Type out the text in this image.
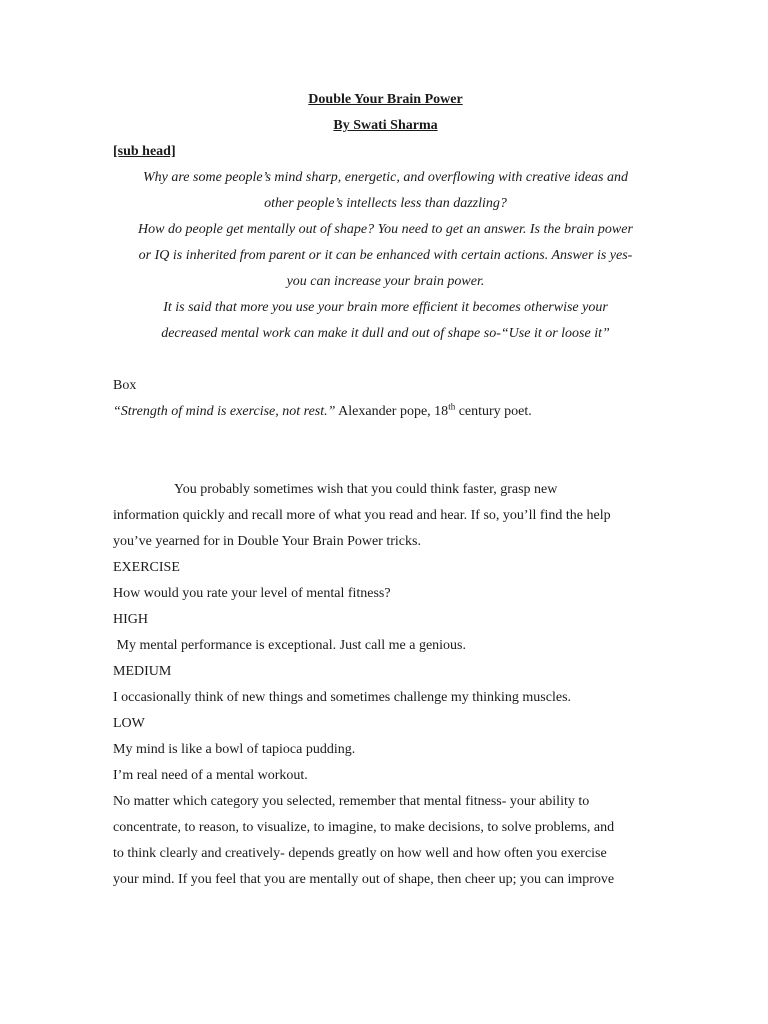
Double Your Brain Power
By Swati Sharma
[sub head]
Why are some people’s mind sharp, energetic, and overflowing with creative ideas and
other people’s intellects less than dazzling?
How do people get mentally out of shape? You need to get an answer. Is the brain power
or IQ is inherited from parent or it can be enhanced with certain actions. Answer is yes-
you can increase your brain power.
It is said that more you use your brain more efficient it becomes otherwise your
decreased mental work can make it dull and out of shape so-“Use it or loose it”
Box
“Strength of mind is exercise, not rest.” Alexander pope, 18th century poet.
You probably sometimes wish that you could think faster, grasp new
information quickly and recall more of what you read and hear. If so, you’ll find the help
you’ve yearned for in Double Your Brain Power tricks.
EXERCISE
How would you rate your level of mental fitness?
HIGH
My mental performance is exceptional. Just call me a genious.
MEDIUM
I occasionally think of new things and sometimes challenge my thinking muscles.
LOW
My mind is like a bowl of tapioca pudding.
I’m real need of a mental workout.
No matter which category you selected, remember that mental fitness- your ability to
concentrate, to reason, to visualize, to imagine, to make decisions, to solve problems, and
to think clearly and creatively- depends greatly on how well and how often you exercise
your mind. If you feel that you are mentally out of shape, then cheer up; you can improve
